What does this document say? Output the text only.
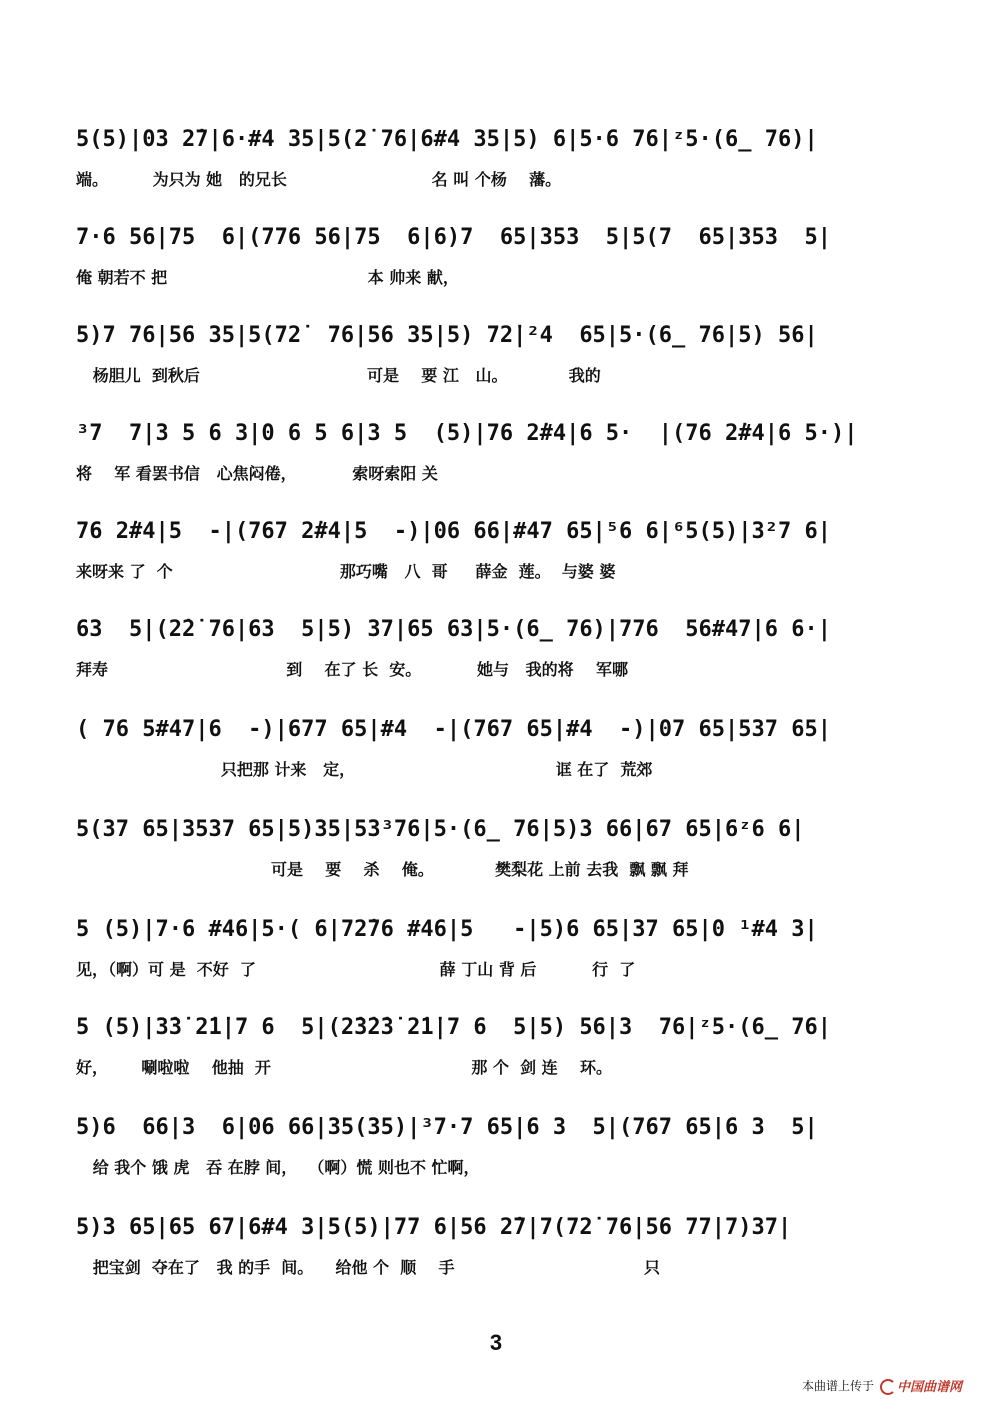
5(5)|03 2̇7|6·#4 35|5(2̇ 76|6#4 35|5) 6|5·6 76|ᶻ5·(6̲ 76)|
端。        为只为 她   的兄长                          名 叫 个杨    藩。
7·6 56|75  6|(776 56|75  6|6)7  65|353  5|5(7  65|353  5|
俺 朝若不 把                                    本 帅来 献，
5)7 76|56 35|5(72̇  76|56 35|5) 72̇|²4  65|5·(6̲ 76|5) 56|
杨胆儿  到秋后                              可是    要 江   山。           我的
³7  7|3 5 6 3|0 6 5 6|3 5  (5)|76 2̇#4|6 5·  |(76 2̇#4|6 5·)|
将    军 看罢书信   心焦闷倦，          索呀索阳 关
76 2̇#4|5  -|(767 2̇#4|5  -)|06 66|#47 65|⁵6 6|⁶5(5)|3²7 6|
来呀来 了  个                              那巧嘴   八  哥     薛金  莲。  与婆 婆
63  5|(2̇2̇ 76|63  5|5) 37|65 63|5·(6̲ 76)|776  56#47|6 6·|
拜寿                                到    在了 长  安。          她与   我的将    军哪
( 76 5#47|6  -)|677 65|#4  -|(767 65|#4  -)|07 65|537 65|
只把那 计来   定，                                    诓 在了  荒郊
5(37 65|3537 65|5)35|53³76|5·(6̲ 76|5)3 66|67 65|6ᶻ6 6|
可是    要    杀    俺。           樊梨花 上前 去我  飘 飘 拜
5 (5)|7·6 #46|5·( 6|72̇76 #46|5   -|5)6 65|37 65|0 ¹#4 3|
见，（啊）可 是  不好  了                                 薛 丁山 背 后          行  了
5 (5)|3̇3̇ 2̇1̇|7 6  5|(2̇3̇2̇3̇ 2̇1̇|7 6  5|5) 56|3  76|ᶻ5·(6̲ 76|
好，      唰啦啦    他抽  开                                    那 个  剑 连    环。
5)6  66|3  6|06 66|35(35)|³7·7 65|6 3  5|(767 65|6 3  5|
给 我个 饿 虎   吞 在脖 间，  （啊）慌 则也不 忙啊，
5)3 65|65 67|6#4 3|5(5)|77 6|56 2̇7|7(72̇ 76|56 77|7)37|
把宝剑  夺在了   我 的手  间。    给他 个  顺    手                                  只
3
本曲谱上传于 中国曲谱网
